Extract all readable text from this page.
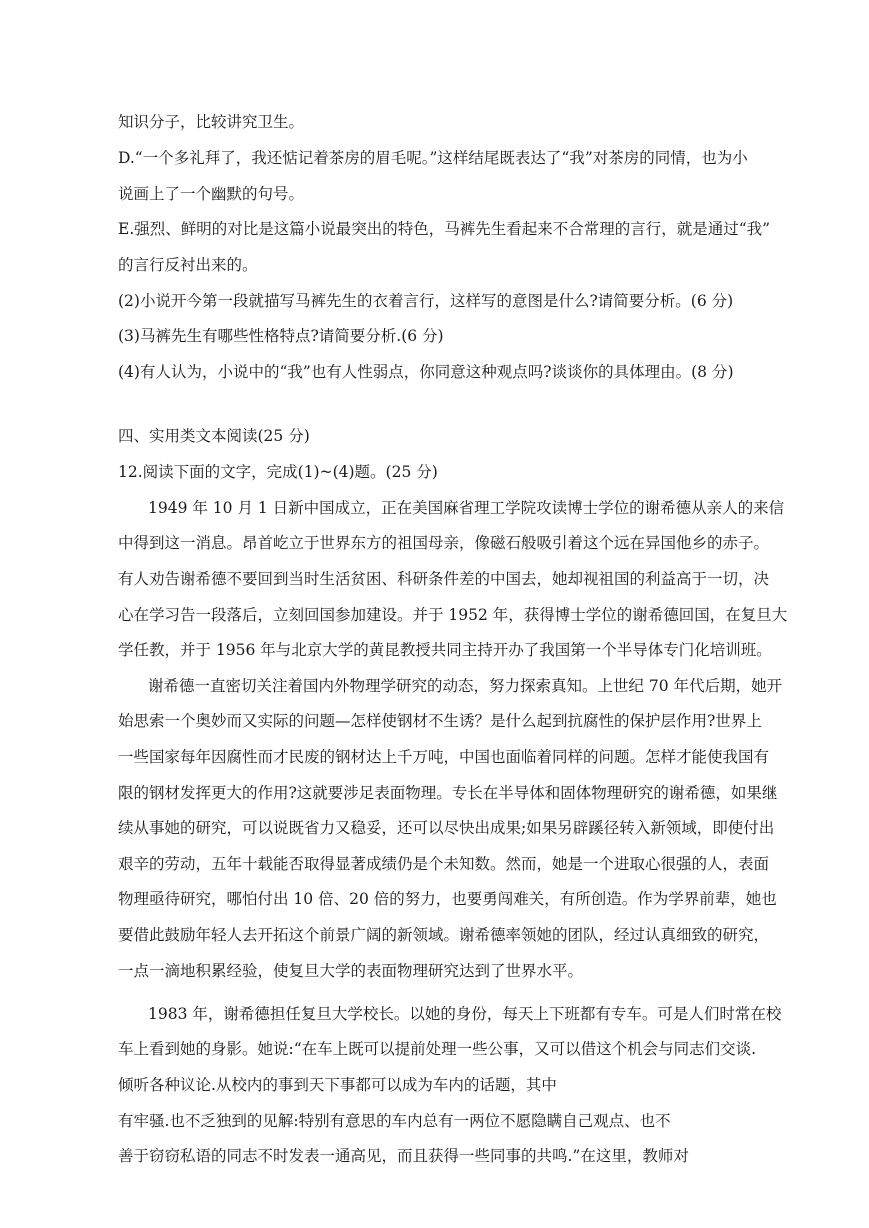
知识分子，比较讲究卫生。
D.“一个多礼拜了，我还惦记着茶房的眉毛呢。”这样结尾既表达了“我”对茶房的同情，也为小
说画上了一个幽默的句号。
E.强烈、鲜明的对比是这篇小说最突出的特色，马裤先生看起来不合常理的言行，就是通过“我”
的言行反衬出来的。
(2)小说开今第一段就描写马裤先生的衣着言行，这样写的意图是什么?请简要分析。(6 分)
(3)马裤先生有哪些性格特点?请简要分析.(6 分)
(4)有人认为，小说中的“我”也有人性弱点，你同意这种观点吗?谈谈你的具体理由。(8 分)
四、实用类文本阅读(25 分)
12.阅读下面的文字，完成(1)~(4)题。(25 分)
1949 年 10 月 1 日新中国成立，正在美国麻省理工学院攻读博士学位的谢希德从亲人的来信
中得到这一消息。昂首屹立于世界东方的祖国母亲，像磁石般吸引着这个远在异国他乡的赤子。
有人劝告谢希德不要回到当时生活贫困、科研条件差的中国去，她却视祖国的利益高于一切，决
心在学习告一段落后，立刻回国参加建设。并于 1952 年，获得博士学位的谢希德回国，在复旦大
学任教，并于 1956 年与北京大学的黄昆教授共同主持开办了我国第一个半导体专门化培训班。
谢希德一直密切关注着国内外物理学研究的动态，努力探索真知。上世纪 70 年代后期，她开
始思索一个奥妙而又实际的问题—怎样使钢材不生诱？是什么起到抗腐性的保护层作用?世界上
一些国家每年因腐性而才民废的钢材达上千万吨，中国也面临着同样的问题。怎样才能使我国有
限的钢材发挥更大的作用?这就要涉足表面物理。专长在半导体和固体物理研究的谢希德，如果继
续从事她的研究，可以说既省力又稳妥，还可以尽快出成果;如果另辟蹊径转入新领域，即使付出
艰辛的劳动，五年十载能否取得显著成绩仍是个未知数。然而，她是一个进取心很强的人，表面
物理亟待研究，哪怕付出 10 倍、20 倍的努力，也要勇闯难关，有所创造。作为学界前辈，她也
要借此鼓励年轻人去开拓这个前景广阔的新领域。谢希德率领她的团队，经过认真细致的研究，
一点一滴地积累经验，使复旦大学的表面物理研究达到了世界水平。
1983 年，谢希德担任复旦大学校长。以她的身份，每天上下班都有专车。可是人们时常在校
车上看到她的身影。她说:“在车上既可以提前处理一些公事，又可以借这个机会与同志们交谈.
倾听各种议论.从校内的事到天下事都可以成为车内的话题，其中
有牢骚.也不乏独到的见解:特别有意思的车内总有一两位不愿隐瞒自己观点、也不
善于窃窃私语的同志不时发表一通高见，而且获得一些同事的共鸣.”在这里，教师对
